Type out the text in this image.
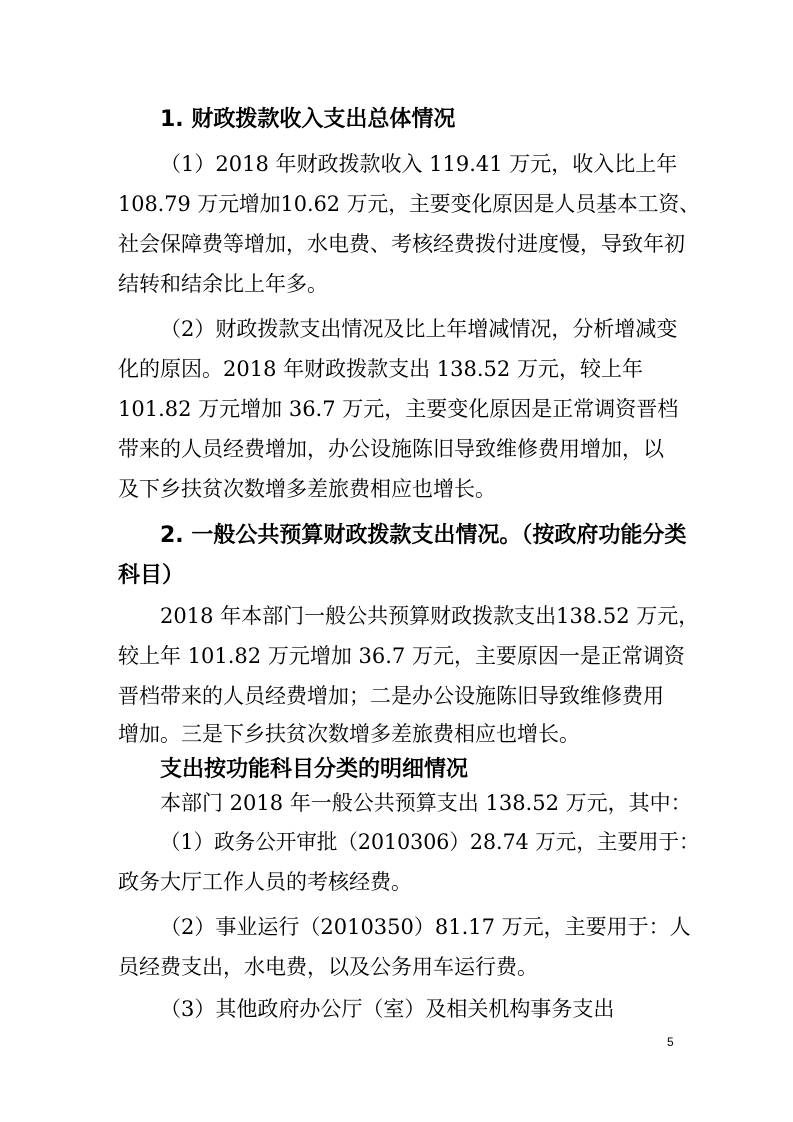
1. 财政拨款收入支出总体情况
（1）2018 年财政拨款收入 119.41 万元，收入比上年
108.79 万元增加10.62 万元，主要变化原因是人员基本工资、
社会保障费等增加，水电费、考核经费拨付进度慢，导致年初
结转和结余比上年多。
（2）财政拨款支出情况及比上年增减情况，分析增减变
化的原因。2018 年财政拨款支出 138.52 万元，较上年
101.82 万元增加 36.7 万元，主要变化原因是正常调资晋档
带来的人员经费增加，办公设施陈旧导致维修费用增加，以
及下乡扶贫次数增多差旅费相应也增长。
2. 一般公共预算财政拨款支出情况。（按政府功能分类
科目）
2018 年本部门一般公共预算财政拨款支出138.52 万元，
较上年 101.82 万元增加 36.7 万元，主要原因一是正常调资
晋档带来的人员经费增加；二是办公设施陈旧导致维修费用
增加。三是下乡扶贫次数增多差旅费相应也增长。
支出按功能科目分类的明细情况
本部门 2018 年一般公共预算支出 138.52 万元，其中：
（1）政务公开审批（2010306）28.74 万元，主要用于：
政务大厅工作人员的考核经费。
（2）事业运行（2010350）81.17 万元，主要用于：人
员经费支出，水电费，以及公务用车运行费。
（3）其他政府办公厅（室）及相关机构事务支出
5
